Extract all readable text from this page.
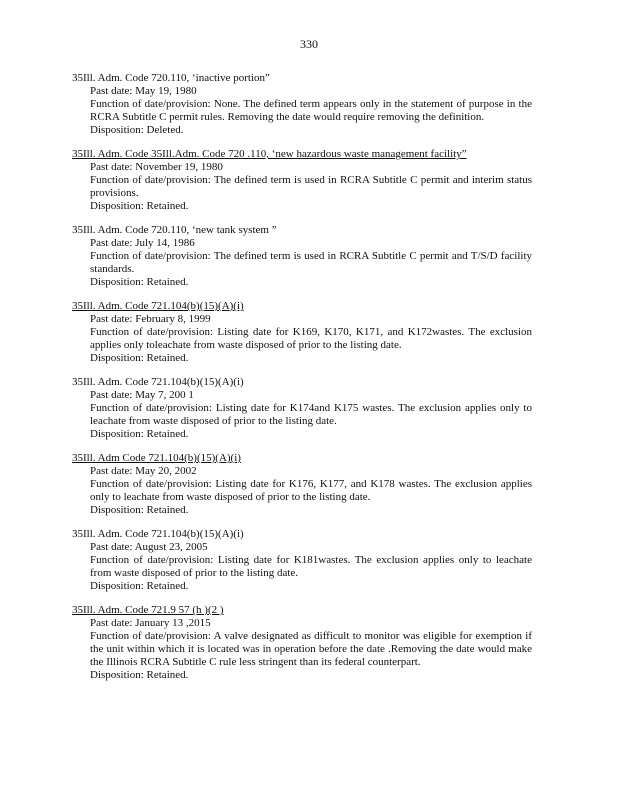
330
35Ill. Adm. Code 720.110, ‘inactive portion”
Past date: May 19, 1980
Function of date/provision: None. The defined term appears only in the statement of purpose in the RCRA Subtitle C permit rules. Removing the date would require removing the definition.
Disposition: Deleted.
35Ill. Adm. Code 35Ill.Adm. Code 720 .110, ‘new hazardous waste management facility”
Past date: November 19, 1980
Function of date/provision: The defined term is used in RCRA Subtitle C permit and interim status provisions.
Disposition: Retained.
35Ill. Adm. Code 720.110, ‘new tank system ”
Past date: July 14, 1986
Function of date/provision: The defined term is used in RCRA Subtitle C permit and T/S/D facility standards.
Disposition: Retained.
35Ill. Adm. Code 721.104(b)(15)(A)(i)
Past date: February 8, 1999
Function of date/provision: Listing date for K169, K170, K171, and K172wastes. The exclusion applies only toleachate from waste disposed of prior to the listing date.
Disposition: Retained.
35Ill. Adm. Code 721.104(b)(15)(A)(i)
Past date: May 7, 200 1
Function of date/provision: Listing date for K174and K175 wastes. The exclusion applies only to leachate from waste disposed of prior to the listing date.
Disposition: Retained.
35Ill. Adm Code 721.104(b)(15)(A)(i)
Past date: May 20, 2002
Function of date/provision: Listing date for K176, K177, and K178 wastes. The exclusion applies only to leachate from waste disposed of prior to the listing date.
Disposition: Retained.
35Ill. Adm. Code 721.104(b)(15)(A)(i)
Past date: August 23, 2005
Function of date/provision: Listing date for K181wastes. The exclusion applies only to leachate from waste disposed of prior to the listing date.
Disposition: Retained.
35Ill. Adm. Code 721.9 57 (h )(2 )
Past date: January 13 ,2015
Function of date/provision: A valve designated as difficult to monitor was eligible for exemption if the unit within which it is located was in operation before the date .Removing the date would make the Illinois RCRA Subtitle C rule less stringent than its federal counterpart.
Disposition: Retained.
